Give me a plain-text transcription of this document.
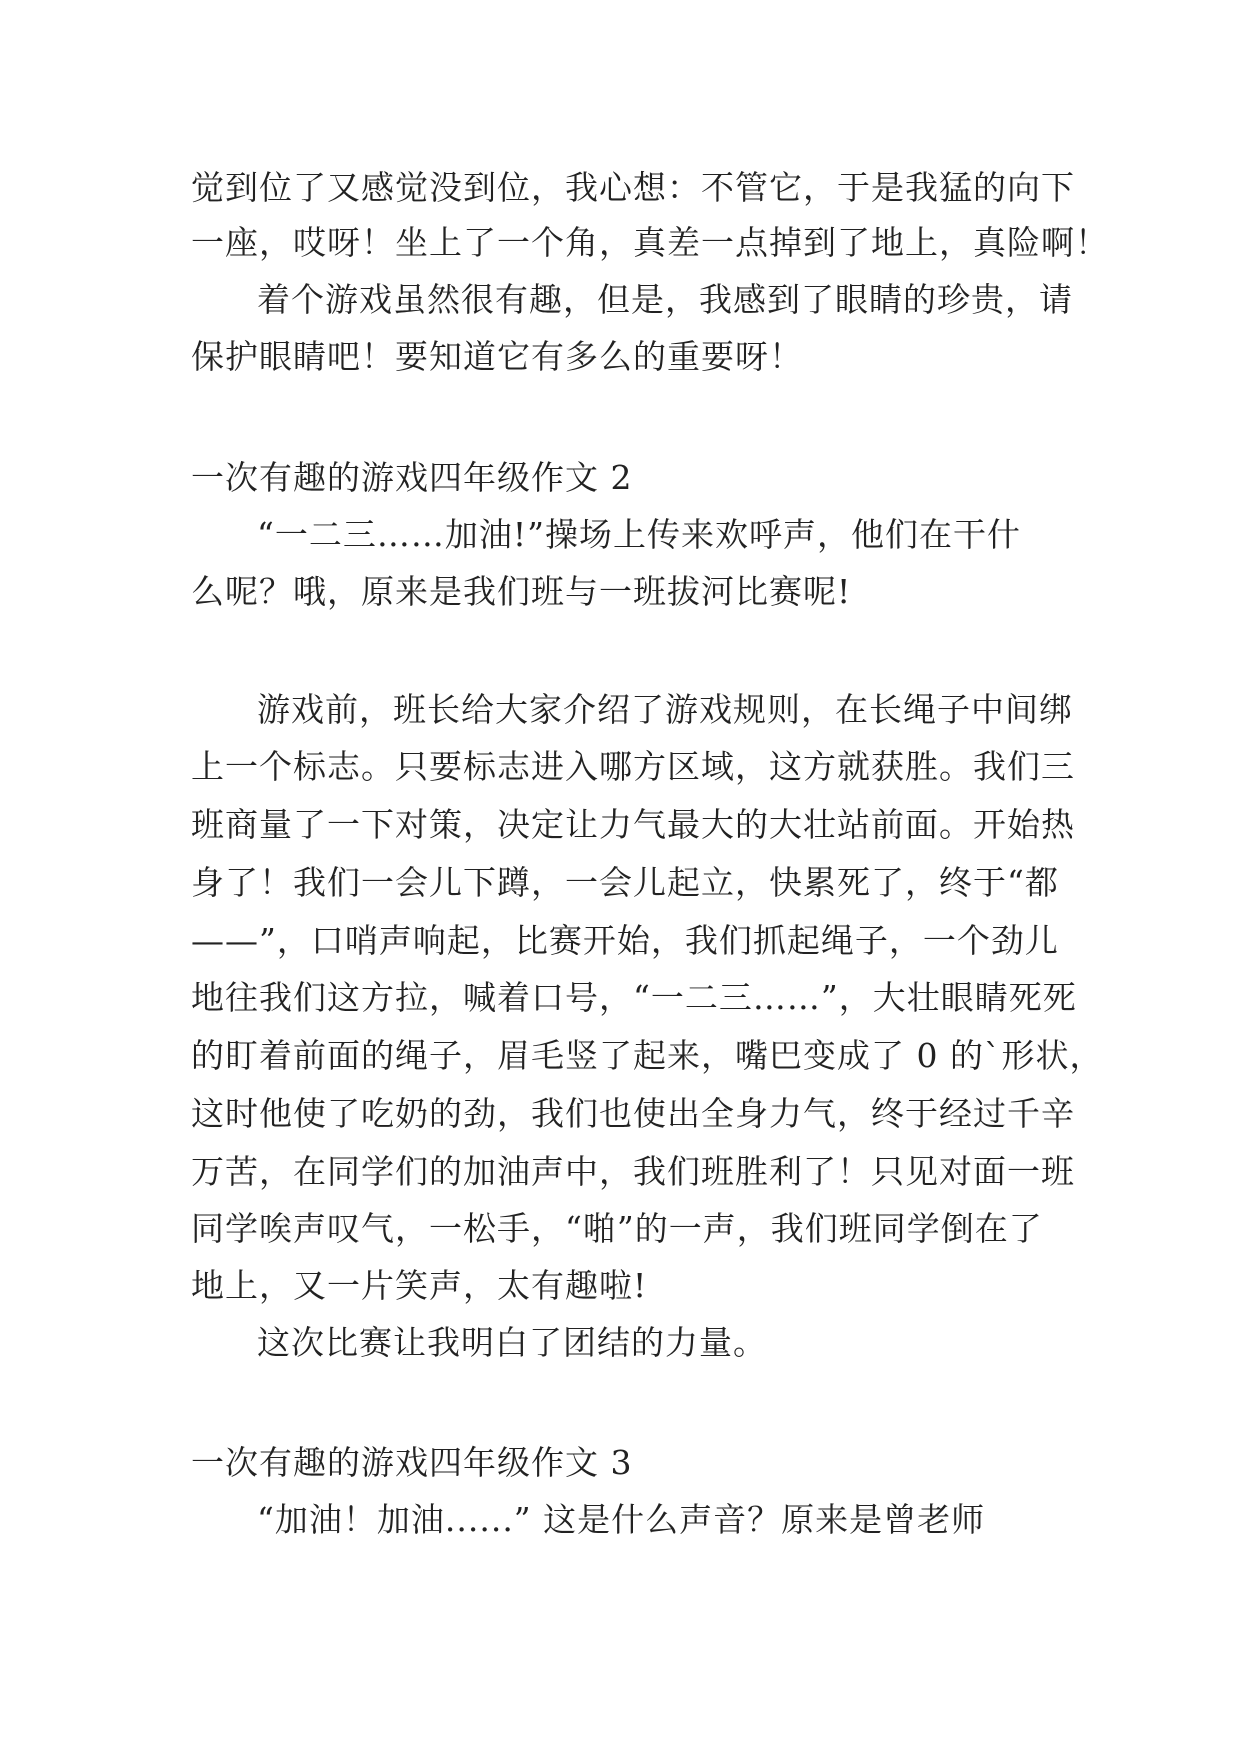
觉到位了又感觉没到位，我心想：不管它，于是我猛的向下
一座，哎呀！坐上了一个角，真差一点掉到了地上，真险啊！
着个游戏虽然很有趣，但是，我感到了眼睛的珍贵，请
保护眼睛吧！要知道它有多么的重要呀！
一次有趣的游戏四年级作文 2
“一二三……加油!”操场上传来欢呼声，他们在干什
么呢？哦，原来是我们班与一班拔河比赛呢!
游戏前，班长给大家介绍了游戏规则，在长绳子中间绑
上一个标志。只要标志进入哪方区域，这方就获胜。我们三
班商量了一下对策，决定让力气最大的大壮站前面。开始热
身了！我们一会儿下蹲，一会儿起立，快累死了，终于“都
——”，口哨声响起，比赛开始，我们抓起绳子，一个劲儿
地往我们这方拉，喊着口号，“一二三……”，大壮眼睛死死
的盯着前面的绳子，眉毛竖了起来，嘴巴变成了 0 的`形状，
这时他使了吃奶的劲，我们也使出全身力气，终于经过千辛
万苦，在同学们的加油声中，我们班胜利了！只见对面一班
同学唉声叹气，一松手，“啪”的一声，我们班同学倒在了
地上，又一片笑声，太有趣啦!
这次比赛让我明白了团结的力量。
一次有趣的游戏四年级作文 3
“加油！加油......” 这是什么声音？原来是曾老师
